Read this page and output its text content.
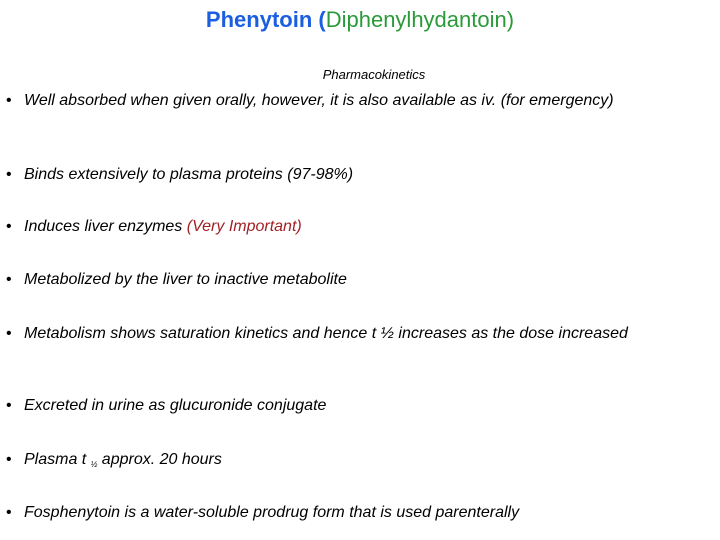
Phenytoin (Diphenylhydantoin)
Pharmacokinetics
• Well absorbed when given orally, however, it is also available as iv. (for emergency)
• Binds extensively to plasma proteins (97-98%)
• Induces liver enzymes (Very Important)
• Metabolized by the liver to inactive metabolite
• Metabolism shows saturation kinetics and hence t ½ increases as the dose increased
• Excreted in urine as glucuronide conjugate
• Plasma t $_{\frac{1}{2}}$ approx. 20 hours
• Fosphenytoin is a water-soluble prodrug form that is used parenterally
